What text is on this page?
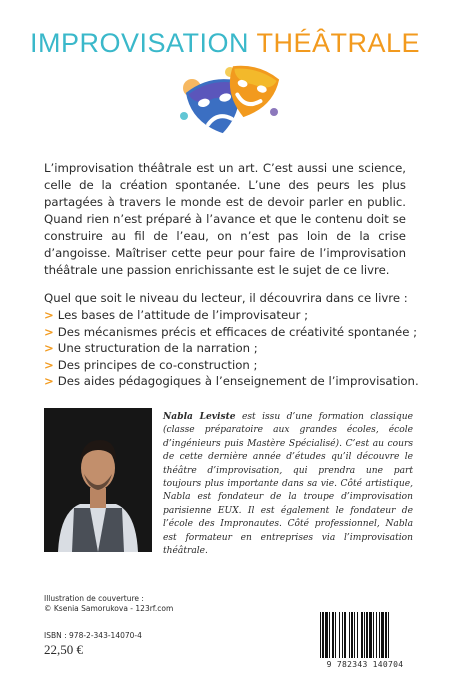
IMPROVISATION THÉÂTRALE

L’improvisation théâtrale est un art. C’est aussi une science, celle de la création spontanée. L’une des peurs les plus partagées à travers le monde est de devoir parler en public. Quand rien n’est préparé à l’avance et que le contenu doit se construire au fil de l’eau, on n’est pas loin de la crise d’angoisse. Maîtriser cette peur pour faire de l’improvisation théâtrale une passion enrichissante est le sujet de ce livre.

Quel que soit le niveau du lecteur, il découvrira dans ce livre :

> Les bases de l’attitude de l’improvisateur ;
> Des mécanismes précis et efficaces de créativité spontanée ;
> Une structuration de la narration ;
> Des principes de co-construction ;
> Des aides pédagogiques à l’enseignement de l’improvisation.

Nabla Leviste est issu d’une formation classique (classe préparatoire aux grandes écoles, école d’ingénieurs puis Mastère Spécialisé). C’est au cours de cette dernière année d’études qu’il découvre le théâtre d’improvisation, qui prendra une part toujours plus importante dans sa vie. Côté artistique, Nabla est fondateur de la troupe d’improvisation parisienne EUX. Il est également le fondateur de l’école des Impronautes. Côté professionnel, Nabla est formateur en entreprises via l’improvisation théâtrale.

Illustration de couverture :
© Ksenia Samorukova - 123rf.com

ISBN : 978-2-343-14070-4

22,50 €

9 782343 140704
